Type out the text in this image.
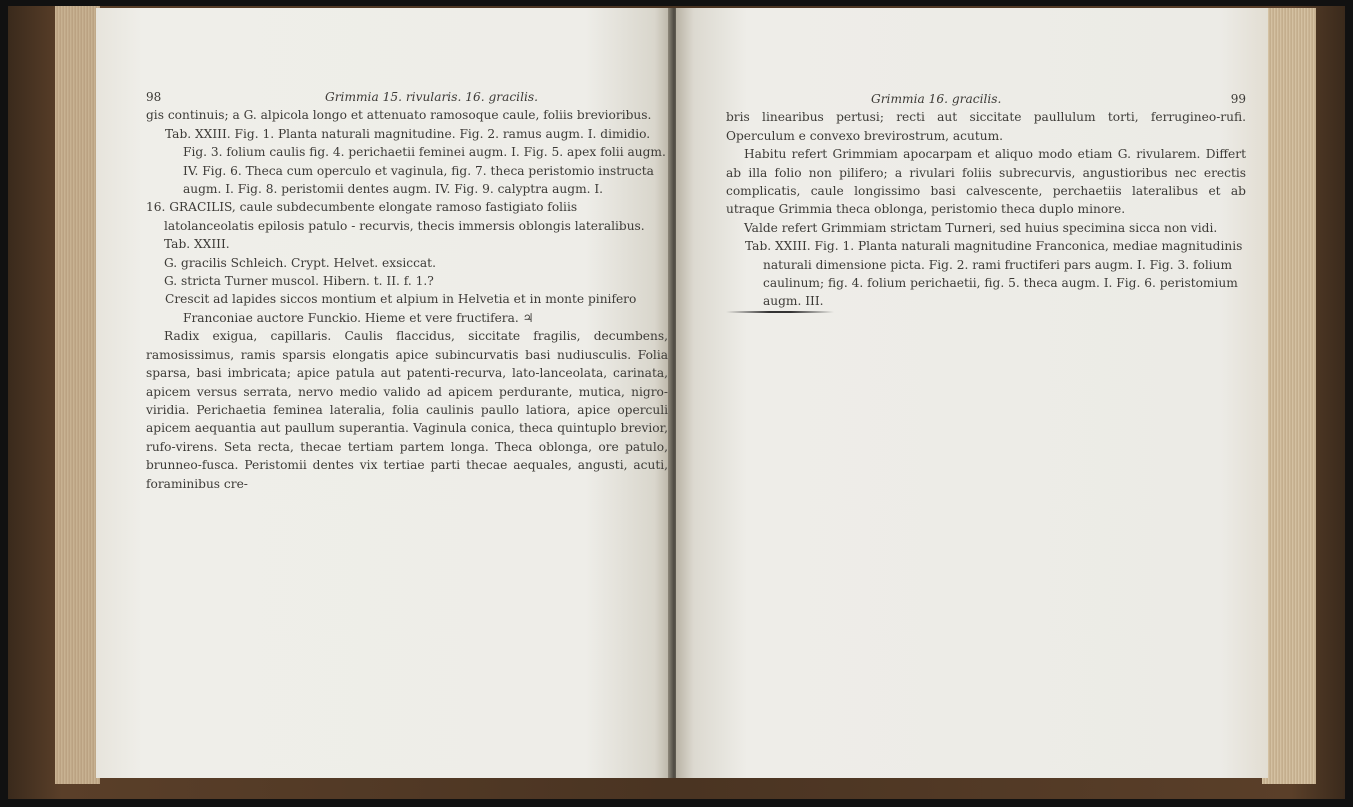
98	Grimmia 15. rivularis. 16. gracilis.

gis continuis; a G. alpicola longo et attenuato ramosoque caule, foliis brevioribus.

Tab. XXIII. Fig. 1. Planta naturali magnitudine. Fig. 2. ramus augm. I. dimidio. Fig. 3. folium caulis fig. 4. perichaetii feminei augm. I. Fig. 5. apex folii augm. IV. Fig. 6. Theca cum operculo et vaginula, fig. 7. theca peristomio instructa augm. I. Fig. 8. peristomii dentes augm. IV. Fig. 9. calyptra augm. I.

16. GRACILIS, caule subdecumbente elongate ramoso fastigiato foliis latolanceolatis epilosis patulo - recurvis, thecis immersis oblongis lateralibus. Tab. XXIII.

G. gracilis Schleich. Crypt. Helvet. exsiccat.

G. stricta Turner muscol. Hibern. t. II. f. 1.?

Crescit ad lapides siccos montium et alpium in Helvetia et in monte pinifero Franconiae auctore Funckio. Hieme et vere fructifera. ♃

Radix exigua, capillaris. Caulis flaccidus, siccitate fragilis, decumbens, ramosissimus, ramis sparsis elongatis apice subincurvatis basi nudiusculis. Folia sparsa, basi imbricata; apice patula aut patenti-recurva, lato-lanceolata, carinata, apicem versus serrata, nervo medio valido ad apicem perdurante, mutica, nigro-viridia. Perichaetia feminea lateralia, folia caulinis paullo latiora, apice operculi apicem aequantia aut paullum superantia. Vaginula conica, theca quintuplo brevior, rufo-virens. Seta recta, thecae tertiam partem longa. Theca oblonga, ore patulo, brunneo-fusca. Peristomii dentes vix tertiae parti thecae aequales, angusti, acuti, foraminibus cre-

Grimmia 16. gracilis.	99

bris linearibus pertusi; recti aut siccitate paullulum torti, ferrugineo-rufi. Operculum e convexo brevirostrum, acutum.

Habitu refert Grimmiam apocarpam et aliquo modo etiam G. rivularem. Differt ab illa folio non pilifero; a rivulari foliis subrecurvis, angustioribus nec erectis complicatis, caule longissimo basi calvescente, perchaetiis lateralibus et ab utraque Grimmia theca oblonga, peristomio theca duplo minore.

Valde refert Grimmiam strictam Turneri, sed huius specimina sicca non vidi.

Tab. XXIII. Fig. 1. Planta naturali magnitudine Franconica, mediae magnitudinis naturali dimensione picta. Fig. 2. rami fructiferi pars augm. I. Fig. 3. folium caulinum; fig. 4. folium perichaetii, fig. 5. theca augm. I. Fig. 6. peristomium augm. III.
